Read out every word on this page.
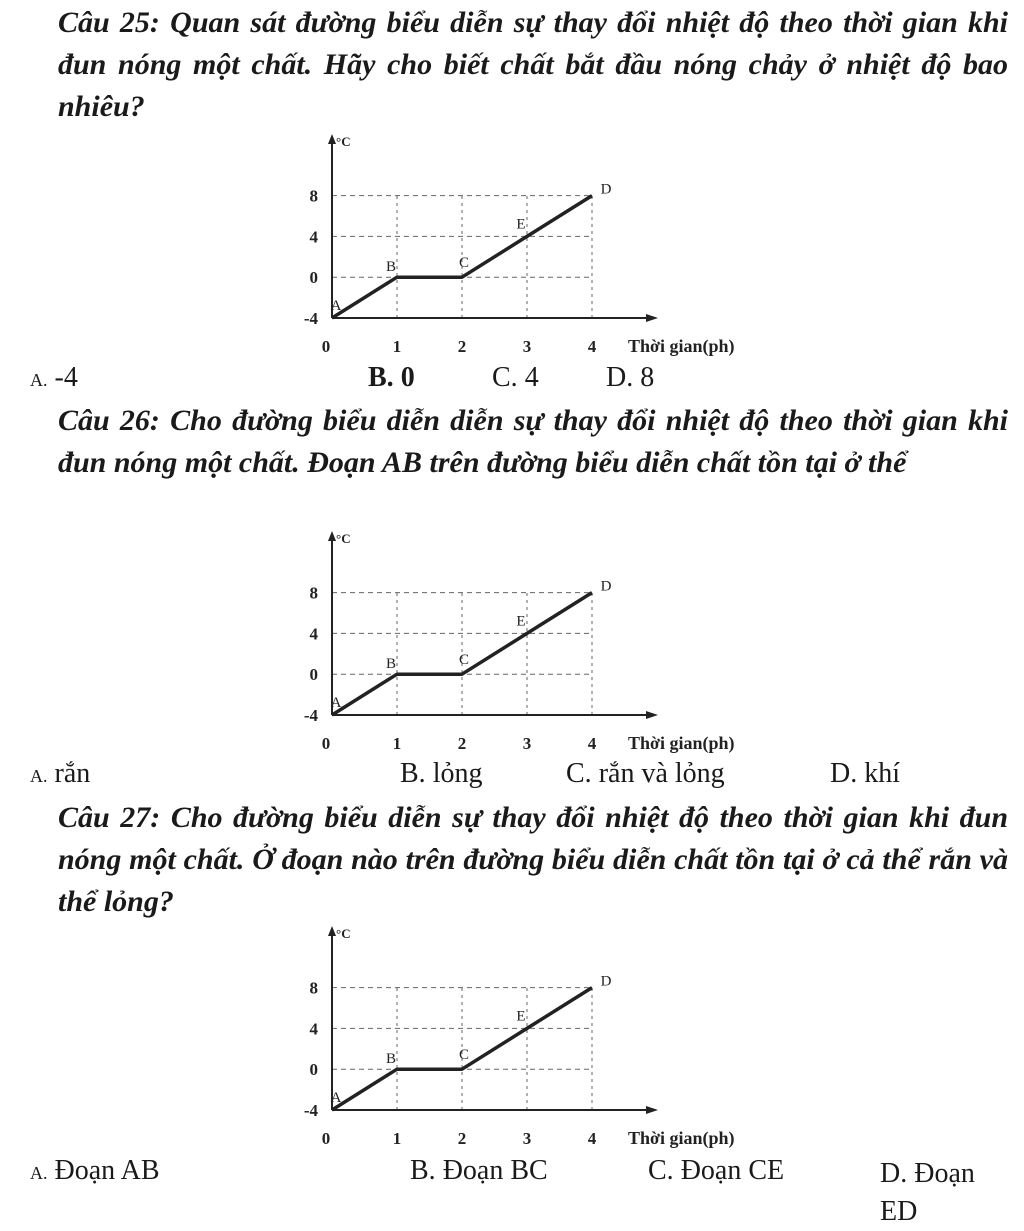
Câu 25: Quan sát đường biểu diễn sự thay đổi nhiệt độ theo thời gian khi đun nóng một chất. Hãy cho biết chất bắt đầu nóng chảy ở nhiệt độ bao nhiêu?
°C
Thời gian(ph)
8
4
0
-4
0	1	2	3	4
A
B	C
E
D
A. -4	B. 0	C. 4 D. 8
Câu 26: Cho đường biểu diễn diễn sự thay đổi nhiệt độ theo thời gian khi đun nóng một chất. Đoạn AB trên đường biểu diễn chất tồn tại ở thể
°C
Thời gian(ph)
8
4
0
-4
0	1	2	3	4
A
B	C
E
D
A. rắn	B. lỏng	C. rắn và lỏng	D. khí
Câu 27: Cho đường biểu diễn sự thay đổi nhiệt độ theo thời gian khi đun nóng một chất. Ở đoạn nào trên đường biểu diễn chất tồn tại ở cả thể rắn và thể lỏng?
°C
Thời gian(ph)
8
4
0
-4
0	1	2	3	4
A
B	C
E
D
A. Đoạn AB	B. Đoạn BC	C. Đoạn CE	D. Đoạn ED
